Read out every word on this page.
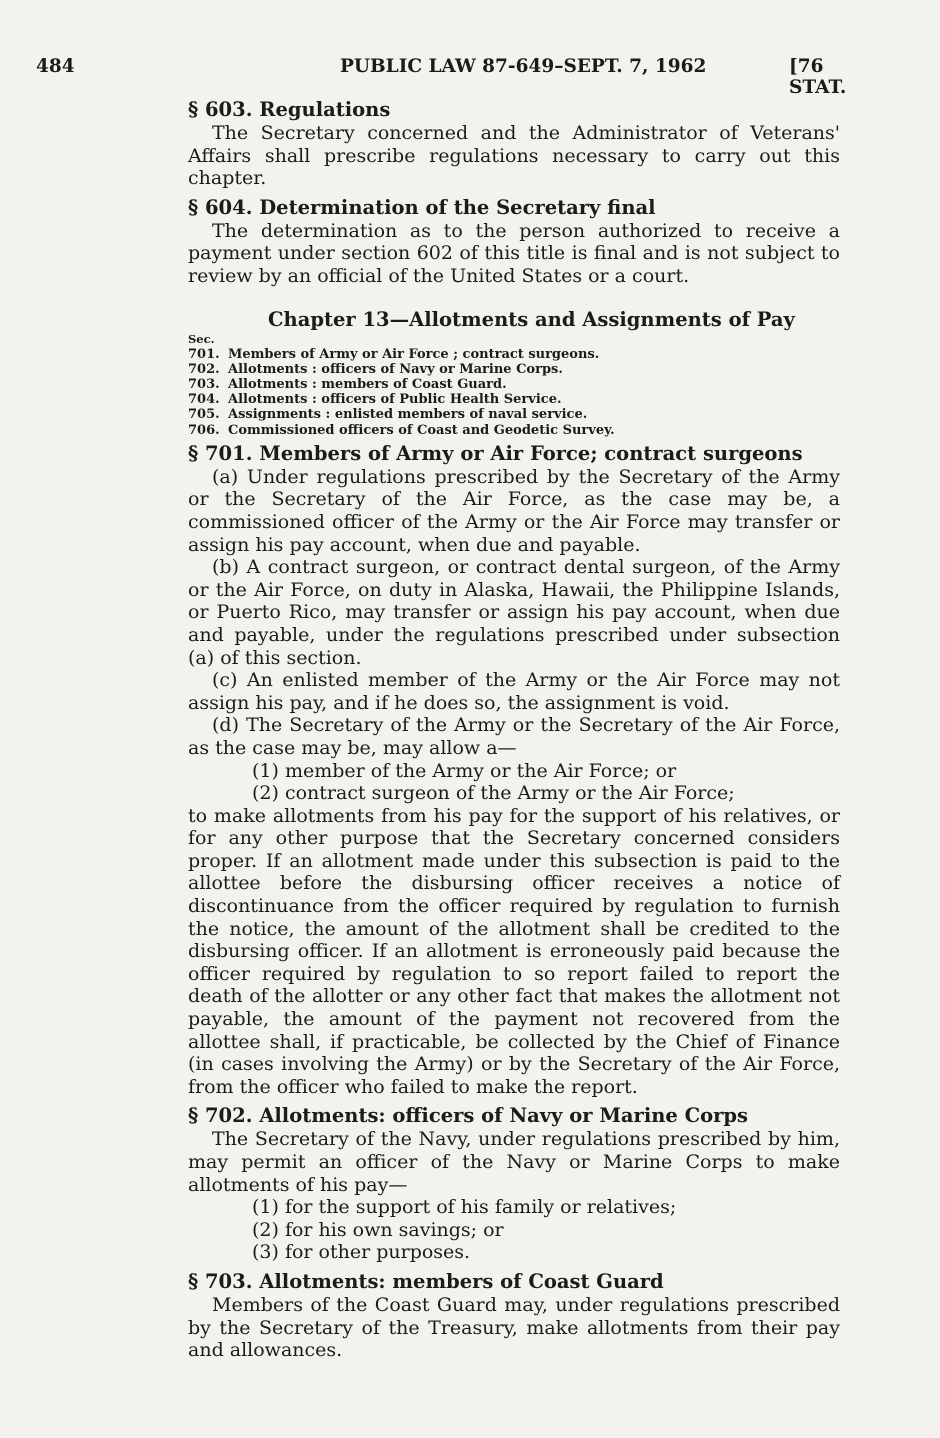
484	PUBLIC LAW 87-649–SEPT. 7, 1962	[76 STAT.
§ 603. Regulations

The Secretary concerned and the Administrator of Veterans' Affairs shall prescribe regulations necessary to carry out this chapter.

§ 604. Determination of the Secretary final

The determination as to the person authorized to receive a payment under section 602 of this title is final and is not subject to review by an official of the United States or a court.

Chapter 13—Allotments and Assignments of Pay
Sec.
701. Members of Army or Air Force ; contract surgeons.
702. Allotments : officers of Navy or Marine Corps.
703. Allotments : members of Coast Guard.
704. Allotments : officers of Public Health Service.
705. Assignments : enlisted members of naval service.
706. Commissioned officers of Coast and Geodetic Survey.
§ 701. Members of Army or Air Force; contract surgeons

(a) Under regulations prescribed by the Secretary of the Army or the Secretary of the Air Force, as the case may be, a commissioned officer of the Army or the Air Force may transfer or assign his pay account, when due and payable.

(b) A contract surgeon, or contract dental surgeon, of the Army or the Air Force, on duty in Alaska, Hawaii, the Philippine Islands, or Puerto Rico, may transfer or assign his pay account, when due and payable, under the regulations prescribed under subsection (a) of this section.

(c) An enlisted member of the Army or the Air Force may not assign his pay, and if he does so, the assignment is void.

(d) The Secretary of the Army or the Secretary of the Air Force, as the case may be, may allow a—

(1) member of the Army or the Air Force; or

(2) contract surgeon of the Army or the Air Force;

to make allotments from his pay for the support of his relatives, or for any other purpose that the Secretary concerned considers proper. If an allotment made under this subsection is paid to the allottee before the disbursing officer receives a notice of discontinuance from the officer required by regulation to furnish the notice, the amount of the allotment shall be credited to the disbursing officer. If an allotment is erroneously paid because the officer required by regulation to so report failed to report the death of the allotter or any other fact that makes the allotment not payable, the amount of the payment not recovered from the allottee shall, if practicable, be collected by the Chief of Finance (in cases involving the Army) or by the Secretary of the Air Force, from the officer who failed to make the report.

§ 702. Allotments: officers of Navy or Marine Corps

The Secretary of the Navy, under regulations prescribed by him, may permit an officer of the Navy or Marine Corps to make allotments of his pay—

(1) for the support of his family or relatives;

(2) for his own savings; or

(3) for other purposes.

§ 703. Allotments: members of Coast Guard

Members of the Coast Guard may, under regulations prescribed by the Secretary of the Treasury, make allotments from their pay and allowances.
